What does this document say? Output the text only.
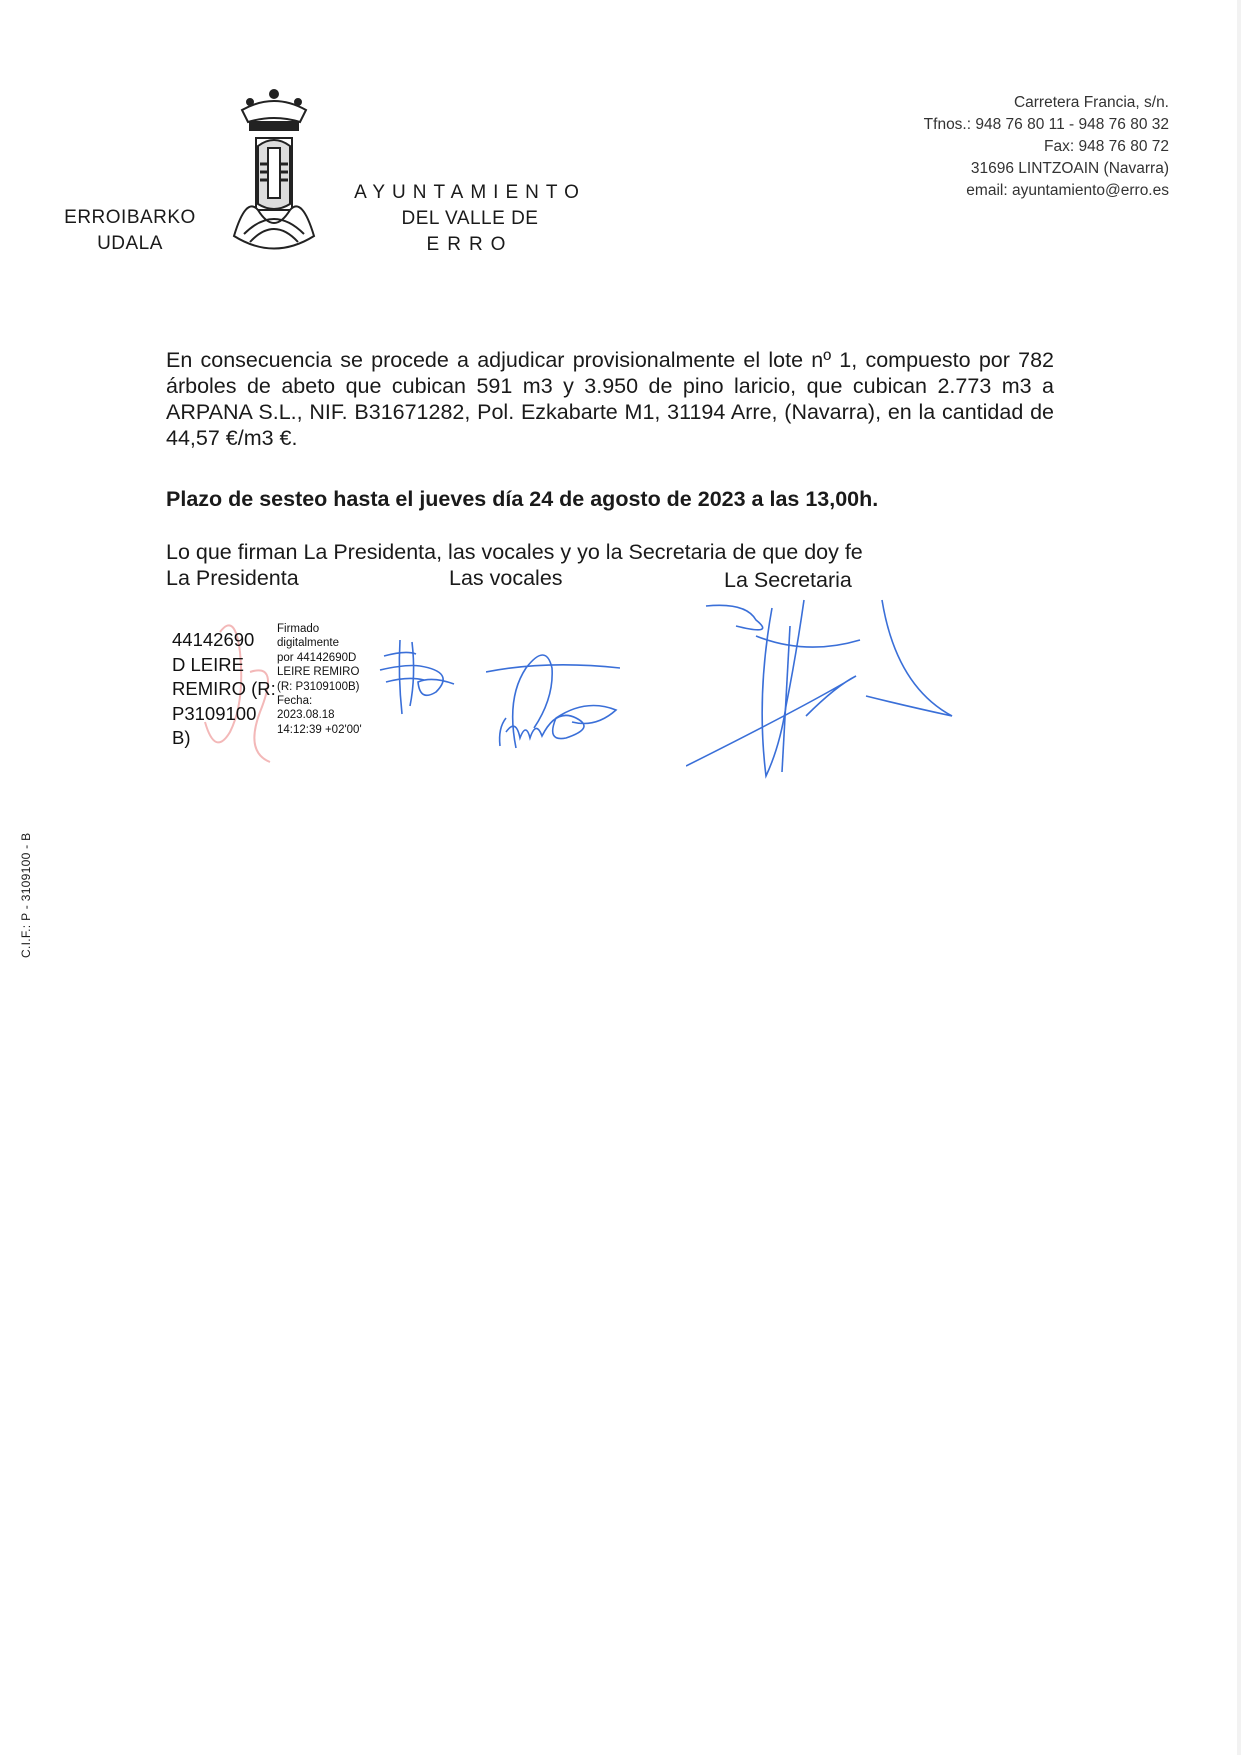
ERROIBARKO
UDALA
AYUNTAMIENTO
DEL VALLE DE
ERRO
Carretera Francia, s/n.
Tfnos.: 948 76 80 11 - 948 76 80 32
Fax: 948 76 80 72
31696 LINTZOAIN (Navarra)
email: ayuntamiento@erro.es
En consecuencia se procede a adjudicar provisionalmente el lote nº 1, compuesto por 782 árboles de abeto que cubican 591 m3 y 3.950 de pino laricio, que cubican 2.773 m3 a ARPANA S.L., NIF. B31671282, Pol. Ezkabarte M1, 31194 Arre, (Navarra), en la cantidad de 44,57 €/m3 €.
Plazo de sesteo hasta el jueves día 24 de agosto de 2023 a las 13,00h.
Lo que firman La Presidenta, las vocales y yo la Secretaria de que doy fe
La Presidenta	Las vocales	La Secretaria
44142690
D LEIRE
REMIRO (R:
P3109100
B)
Firmado
digitalmente
por 44142690D
LEIRE REMIRO
(R: P3109100B)
Fecha:
2023.08.18
14:12:39 +02'00'
C.I.F.: P - 3109100 - B
